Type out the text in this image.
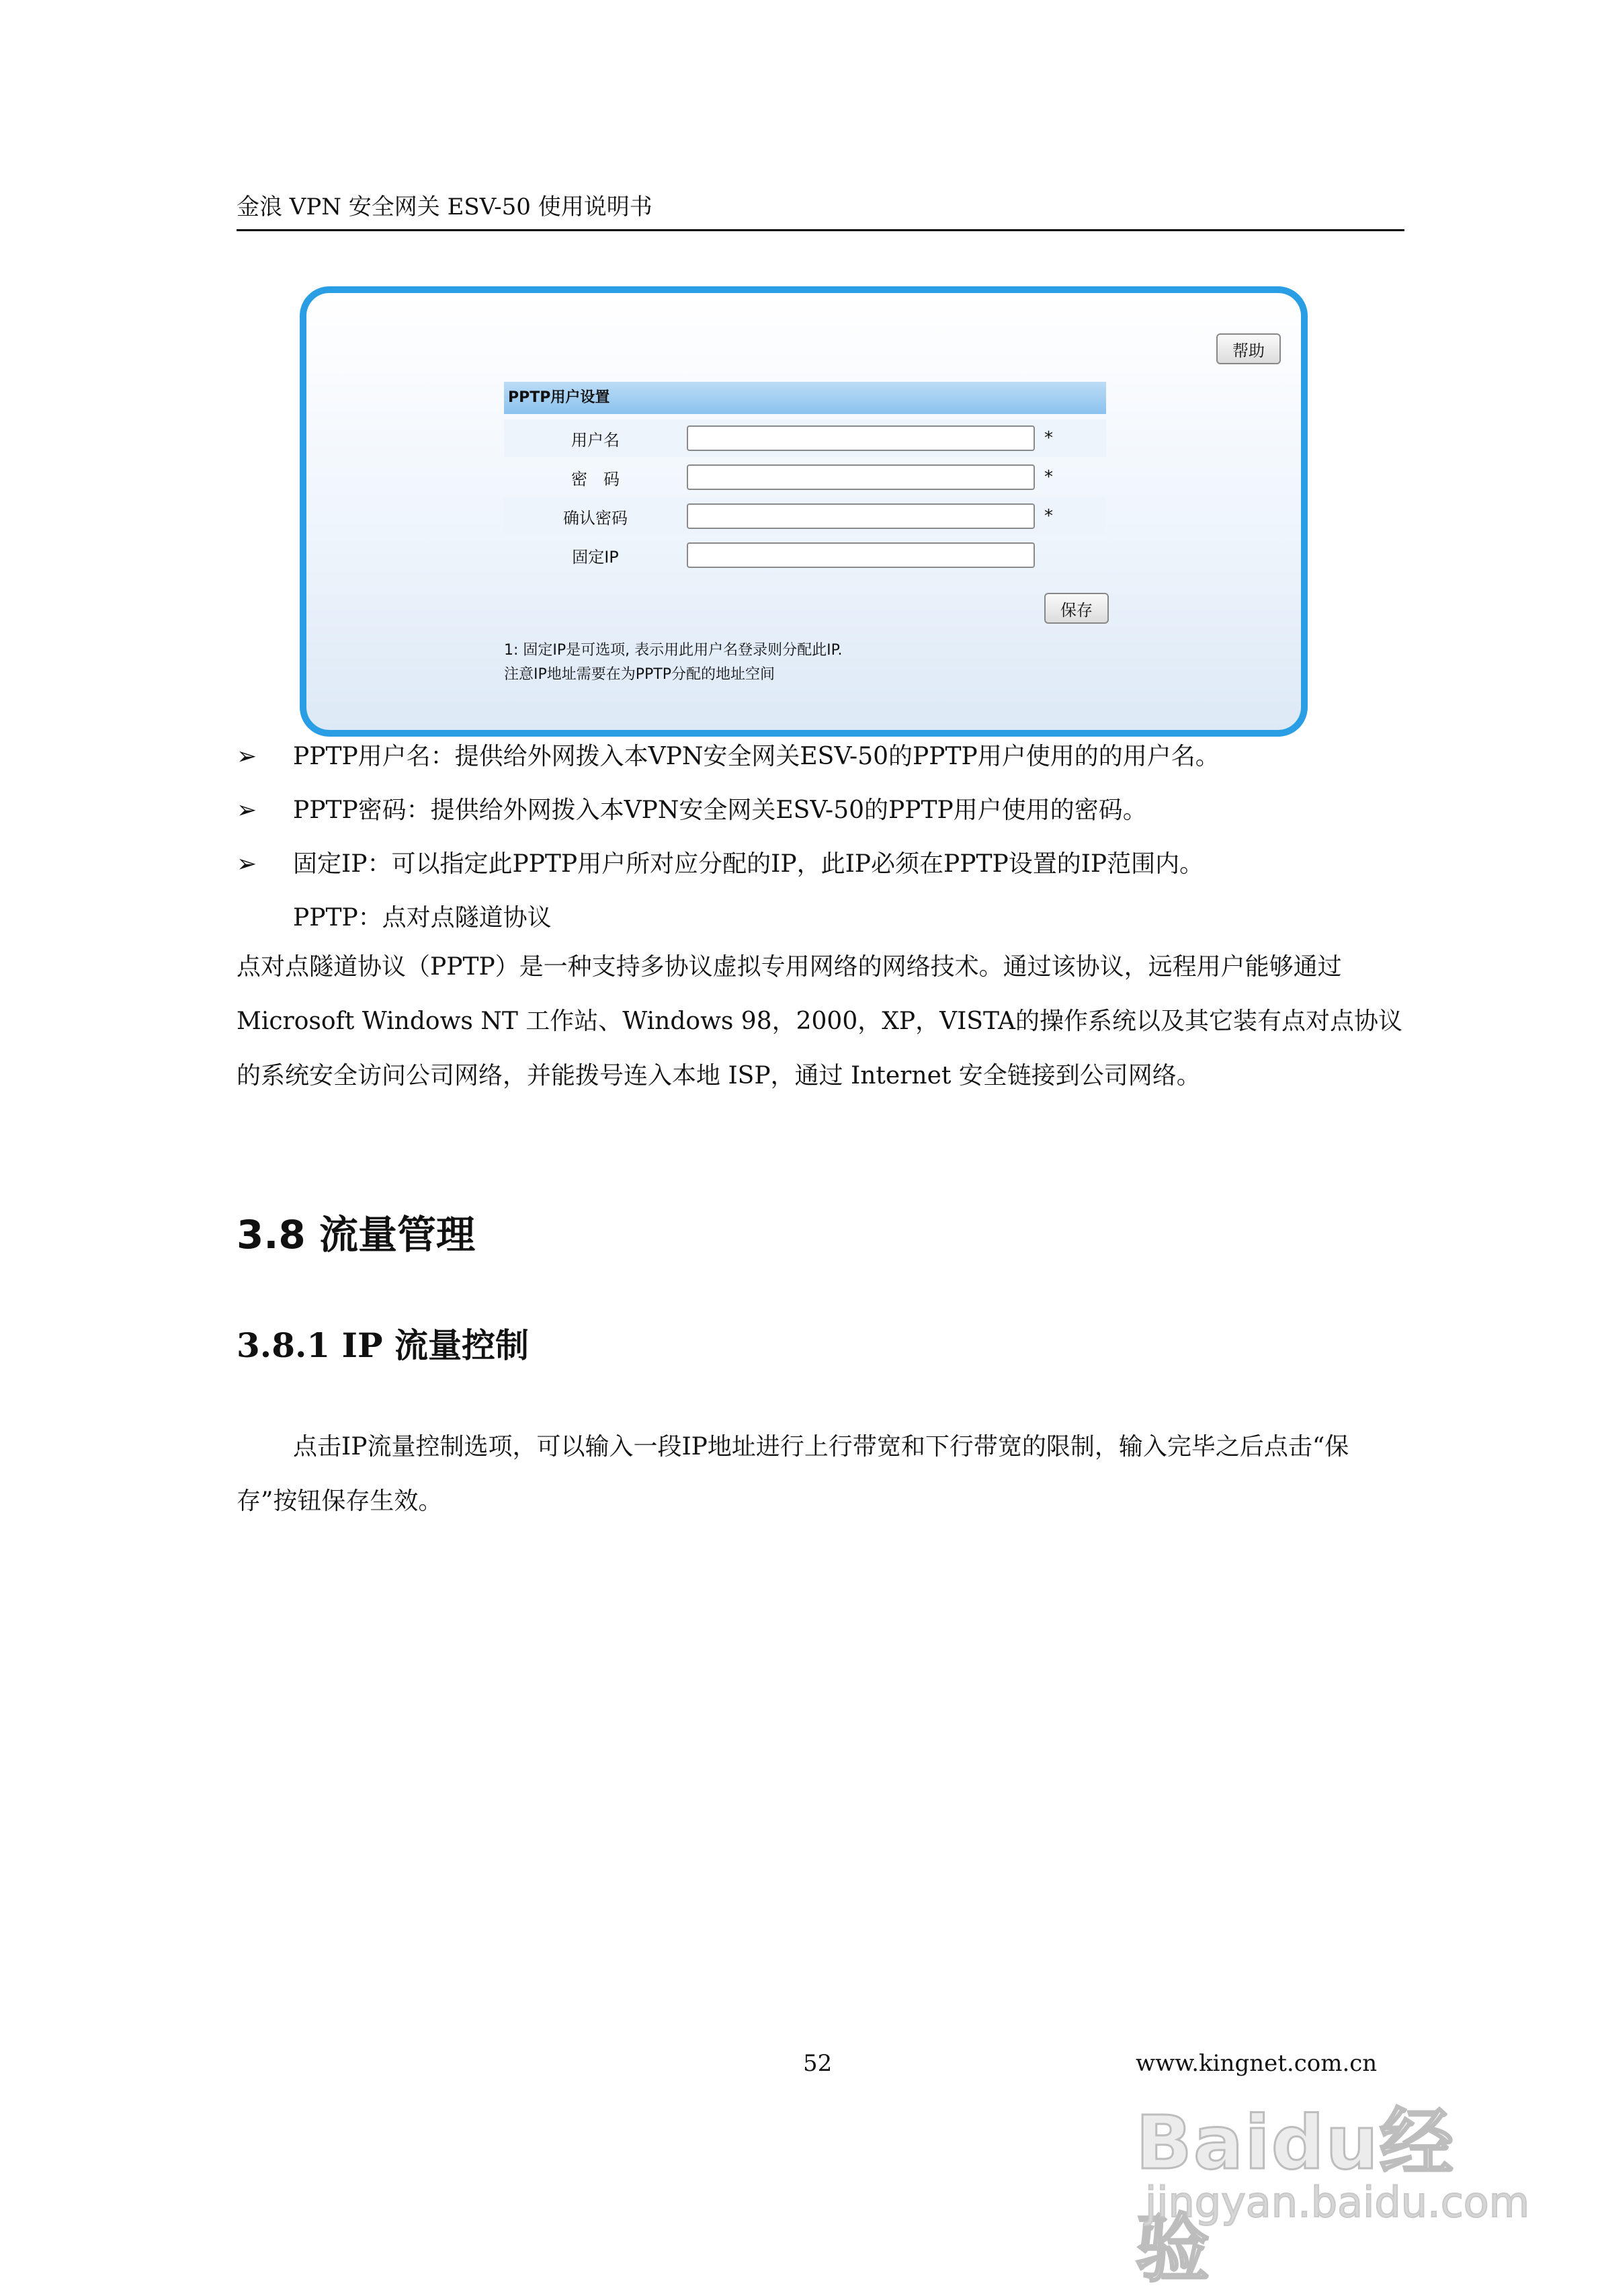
金浪 VPN 安全网关 ESV-50 使用说明书
帮助
PPTP用户设置
用户名	*
密　码	*
确认密码	*
固定IP
保存
1: 固定IP是可选项, 表示用此用户名登录则分配此IP.
注意IP地址需要在为PPTP分配的地址空间
➢ PPTP用户名：提供给外网拨入本VPN安全网关ESV-50的PPTP用户使用的的用户名。
➢ PPTP密码：提供给外网拨入本VPN安全网关ESV-50的PPTP用户使用的密码。
➢ 固定IP：可以指定此PPTP用户所对应分配的IP，此IP必须在PPTP设置的IP范围内。
PPTP：点对点隧道协议
点对点隧道协议（PPTP）是一种支持多协议虚拟专用网络的网络技术。通过该协议，远程用户能够通过 Microsoft Windows NT 工作站、Windows 98，2000，XP，VISTA的操作系统以及其它装有点对点协议的系统安全访问公司网络，并能拨号连入本地 ISP，通过 Internet 安全链接到公司网络。
3.8 流量管理
3.8.1 IP 流量控制
点击IP流量控制选项，可以输入一段IP地址进行上行带宽和下行带宽的限制，输入完毕之后点击“保存”按钮保存生效。
52	www.kingnet.com.cn
Baidu经验
jingyan.baidu.com
